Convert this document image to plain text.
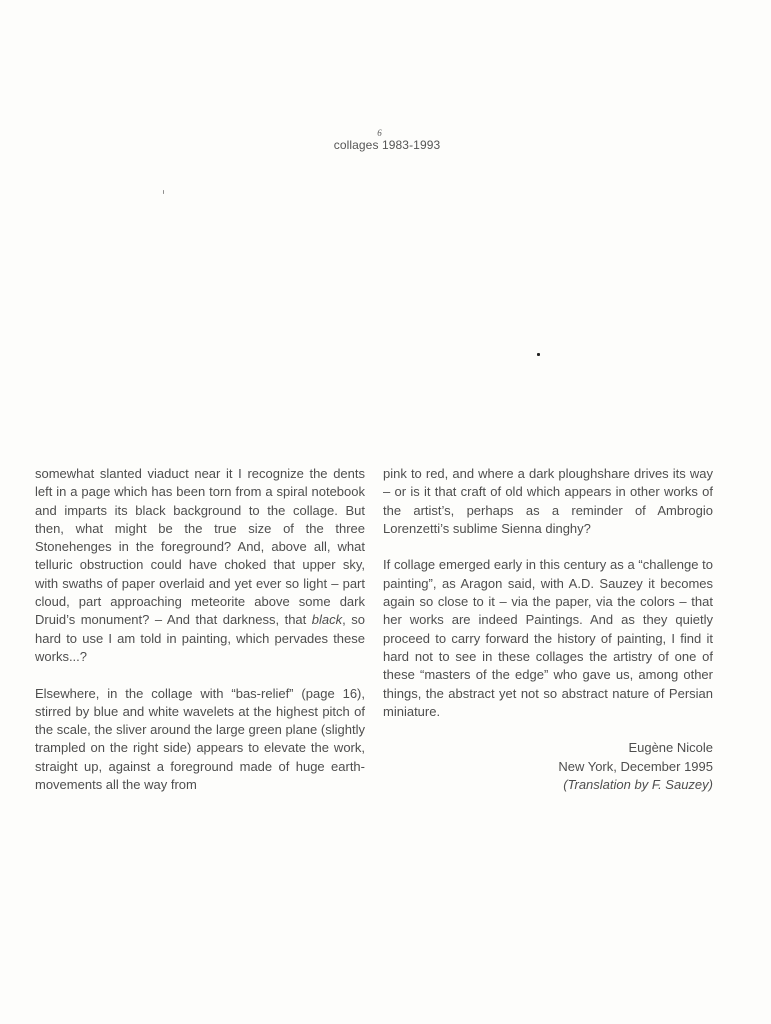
6
collages 1983-1993

somewhat slanted viaduct near it I recognize the dents left in a page which has been torn from a spiral notebook and imparts its black background to the collage. But then, what might be the true size of the three Stonehenges in the foreground? And, above all, what telluric obstruction could have choked that upper sky, with swaths of paper overlaid and yet ever so light – part cloud, part approaching meteorite above some dark Druid’s monument? – And that darkness, that black, so hard to use I am told in painting, which pervades these works...?

Elsewhere, in the collage with “bas-relief” (page 16), stirred by blue and white wavelets at the highest pitch of the scale, the sliver around the large green plane (slightly trampled on the right side) appears to elevate the work, straight up, against a foreground made of huge earth-movements all the way from

pink to red, and where a dark ploughshare drives its way – or is it that craft of old which appears in other works of the artist’s, perhaps as a reminder of Ambrogio Lorenzetti’s sublime Sienna dinghy?

If collage emerged early in this century as a “challenge to painting”, as Aragon said, with A.D. Sauzey it becomes again so close to it – via the paper, via the colors – that her works are indeed Paintings. And as they quietly proceed to carry forward the history of painting, I find it hard not to see in these collages the artistry of one of these “masters of the edge” who gave us, among other things, the abstract yet not so abstract nature of Persian miniature.

Eugène Nicole
New York, December 1995
(Translation by F. Sauzey)
